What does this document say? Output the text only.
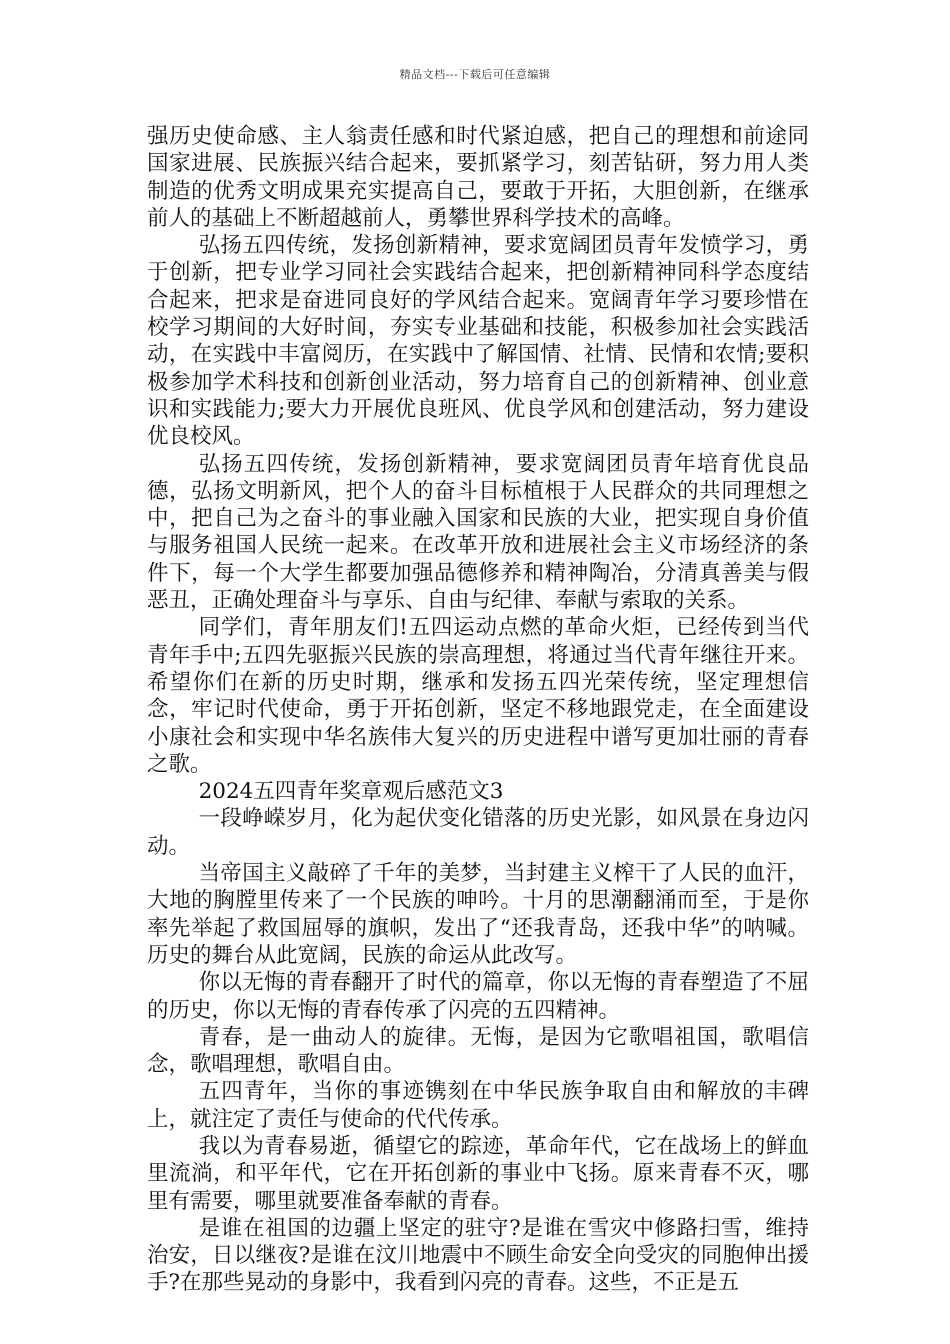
精品文档---下载后可任意编辑

强历史使命感、主人翁责任感和时代紧迫感，把自己的理想和前途同国家进展、民族振兴结合起来，要抓紧学习，刻苦钻研，努力用人类制造的优秀文明成果充实提高自己，要敢于开拓，大胆创新，在继承前人的基础上不断超越前人，勇攀世界科学技术的高峰。

弘扬五四传统，发扬创新精神，要求宽阔团员青年发愤学习，勇于创新，把专业学习同社会实践结合起来，把创新精神同科学态度结合起来，把求是奋进同良好的学风结合起来。宽阔青年学习要珍惜在校学习期间的大好时间，夯实专业基础和技能，积极参加社会实践活动，在实践中丰富阅历，在实践中了解国情、社情、民情和农情;要积极参加学术科技和创新创业活动，努力培育自己的创新精神、创业意识和实践能力;要大力开展优良班风、优良学风和创建活动，努力建设优良校风。

弘扬五四传统，发扬创新精神，要求宽阔团员青年培育优良品德，弘扬文明新风，把个人的奋斗目标植根于人民群众的共同理想之中，把自己为之奋斗的事业融入国家和民族的大业，把实现自身价值与服务祖国人民统一起来。在改革开放和进展社会主义市场经济的条件下，每一个大学生都要加强品德修养和精神陶冶，分清真善美与假恶丑，正确处理奋斗与享乐、自由与纪律、奉献与索取的关系。

同学们，青年朋友们!五四运动点燃的革命火炬，已经传到当代青年手中;五四先驱振兴民族的崇高理想，将通过当代青年继往开来。希望你们在新的历史时期，继承和发扬五四光荣传统，坚定理想信念，牢记时代使命，勇于开拓创新，坚定不移地跟党走，在全面建设小康社会和实现中华名族伟大复兴的历史进程中谱写更加壮丽的青春之歌。

2024五四青年奖章观后感范文3

一段峥嵘岁月，化为起伏变化错落的历史光影，如风景在身边闪动。

当帝国主义敲碎了千年的美梦，当封建主义榨干了人民的血汗，大地的胸膛里传来了一个民族的呻吟。十月的思潮翻涌而至，于是你率先举起了救国屈辱的旗帜，发出了“还我青岛，还我中华”的呐喊。历史的舞台从此宽阔，民族的命运从此改写。

你以无悔的青春翻开了时代的篇章，你以无悔的青春塑造了不屈的历史，你以无悔的青春传承了闪亮的五四精神。

青春，是一曲动人的旋律。无悔，是因为它歌唱祖国，歌唱信念，歌唱理想，歌唱自由。

五四青年，当你的事迹镌刻在中华民族争取自由和解放的丰碑上，就注定了责任与使命的代代传承。

我以为青春易逝，循望它的踪迹，革命年代，它在战场上的鲜血里流淌，和平年代，它在开拓创新的事业中飞扬。原来青春不灭，哪里有需要，哪里就要准备奉献的青春。

是谁在祖国的边疆上坚定的驻守?是谁在雪灾中修路扫雪，维持治安，日以继夜?是谁在汶川地震中不顾生命安全向受灾的同胞伸出援手?在那些晃动的身影中，我看到闪亮的青春。这些，不正是五
